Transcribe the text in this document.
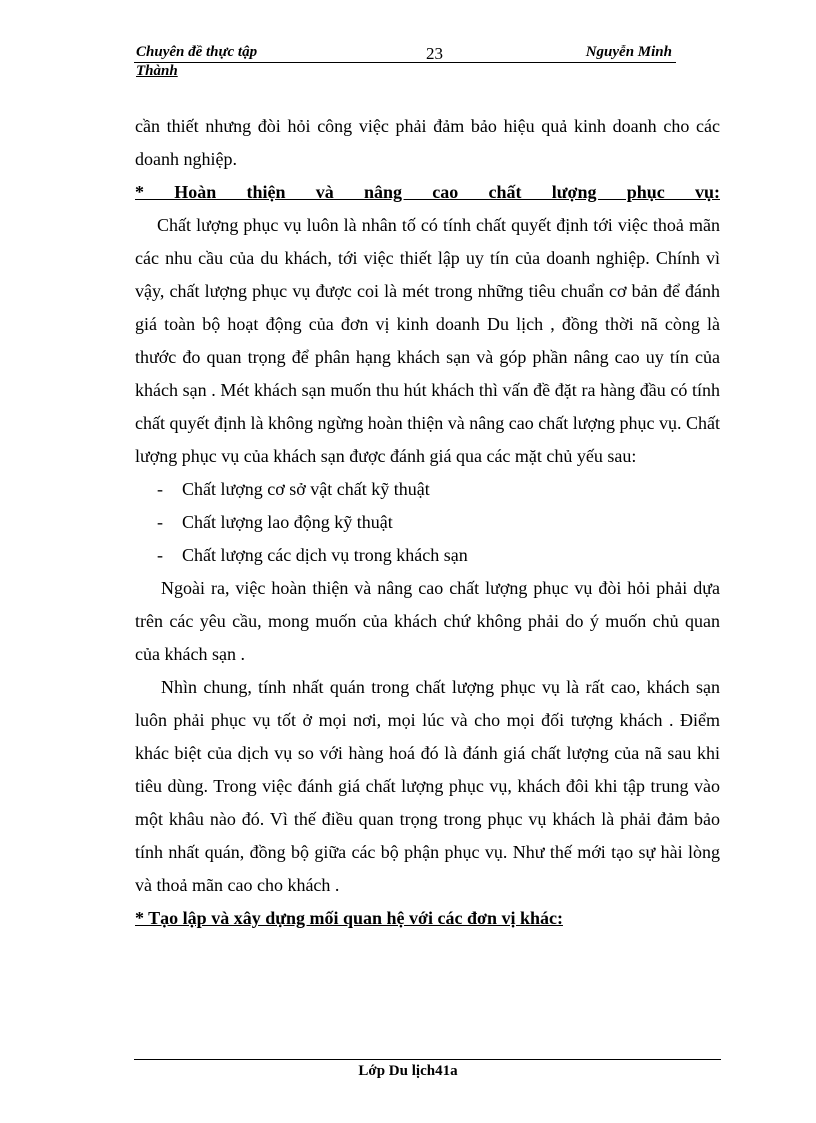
Chuyên đề thực tập	23	Nguyễn Minh
Thành

cần thiết nhưng đòi hỏi công việc phải đảm bảo hiệu quả kinh doanh cho các doanh nghiệp.

* Hoàn thiện và nâng cao chất lượng phục vụ:

Chất lượng phục vụ luôn là nhân tố có tính chất quyết định tới việc thoả mãn các nhu cầu của du khách, tới việc thiết lập uy tín của doanh nghiệp. Chính vì vậy, chất lượng phục vụ được coi là mét trong những tiêu chuẩn cơ bản để đánh giá toàn bộ hoạt động của đơn vị kinh doanh Du lịch , đồng thời nã còng là thước đo quan trọng để phân hạng khách sạn và góp phần nâng cao uy tín của khách sạn . Mét khách sạn muốn thu hút khách thì vấn đề đặt ra hàng đầu có tính chất quyết định là không ngừng hoàn thiện và nâng cao chất lượng phục vụ. Chất lượng phục vụ của khách sạn được đánh giá qua các mặt chủ yếu sau:

- Chất lượng cơ sở vật chất kỹ thuật
- Chất lượng lao động kỹ thuật
- Chất lượng các dịch vụ trong khách sạn

Ngoài ra, việc hoàn thiện và nâng cao chất lượng phục vụ đòi hỏi phải dựa trên các yêu cầu, mong muốn của khách chứ không phải do ý muốn chủ quan của khách sạn .

Nhìn chung, tính nhất quán trong chất lượng phục vụ là rất cao, khách sạn luôn phải phục vụ tốt ở mọi nơi, mọi lúc và cho mọi đối tượng khách . Điểm khác biệt của dịch vụ so với hàng hoá đó là đánh giá chất lượng của nã sau khi tiêu dùng. Trong việc đánh giá chất lượng phục vụ, khách đôi khi tập trung vào một khâu nào đó. Vì thế điều quan trọng trong phục vụ khách là phải đảm bảo tính nhất quán, đồng bộ giữa các bộ phận phục vụ. Như thế mới tạo sự hài lòng và thoả mãn cao cho khách .

* Tạo lập và xây dựng mối quan hệ với các đơn vị khác:

Lớp Du lịch41a
